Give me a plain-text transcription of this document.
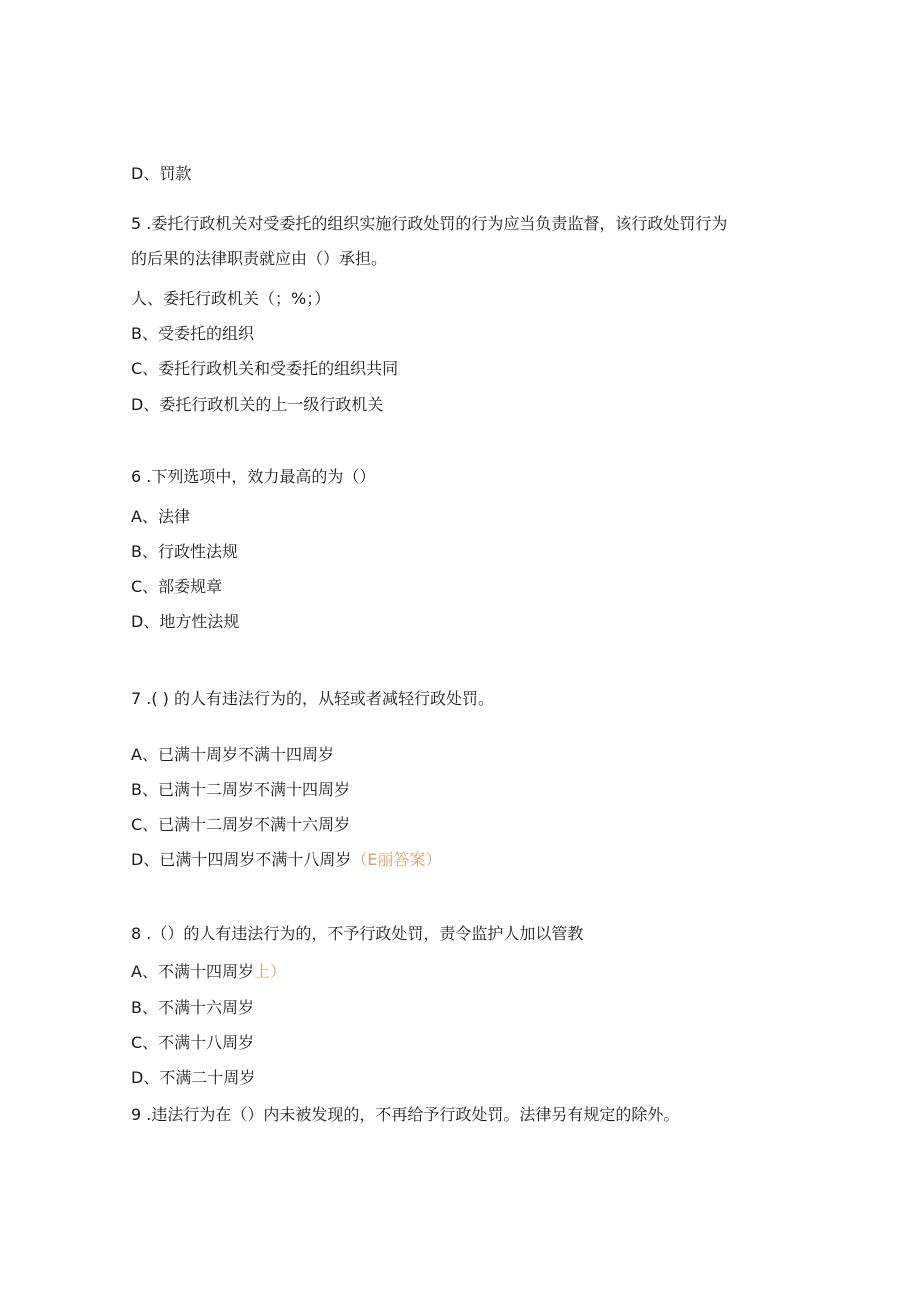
D、罚款

5 .委托行政机关对受委托的组织实施行政处罚的行为应当负责监督，该行政处罚行为

的后果的法律职责就应由（）承担。

人、委托行政机关（；%；）

B、受委托的组织

C、委托行政机关和受委托的组织共同

D、委托行政机关的上一级行政机关

6 .下列选项中，效力最高的为（）

A、法律

B、行政性法规

C、部委规章

D、地方性法规

7 .( ) 的人有违法行为的，从轻或者减轻行政处罚。

A、已满十周岁不满十四周岁

B、已满十二周岁不满十四周岁

C、已满十二周岁不满十六周岁

D、已满十四周岁不满十八周岁（E丽答案）

8 .（）的人有违法行为的，不予行政处罚，责令监护人加以管教

A、不满十四周岁上）

B、不满十六周岁

C、不满十八周岁

D、不满二十周岁

9 .违法行为在（）内未被发现的，不再给予行政处罚。法律另有规定的除外。
